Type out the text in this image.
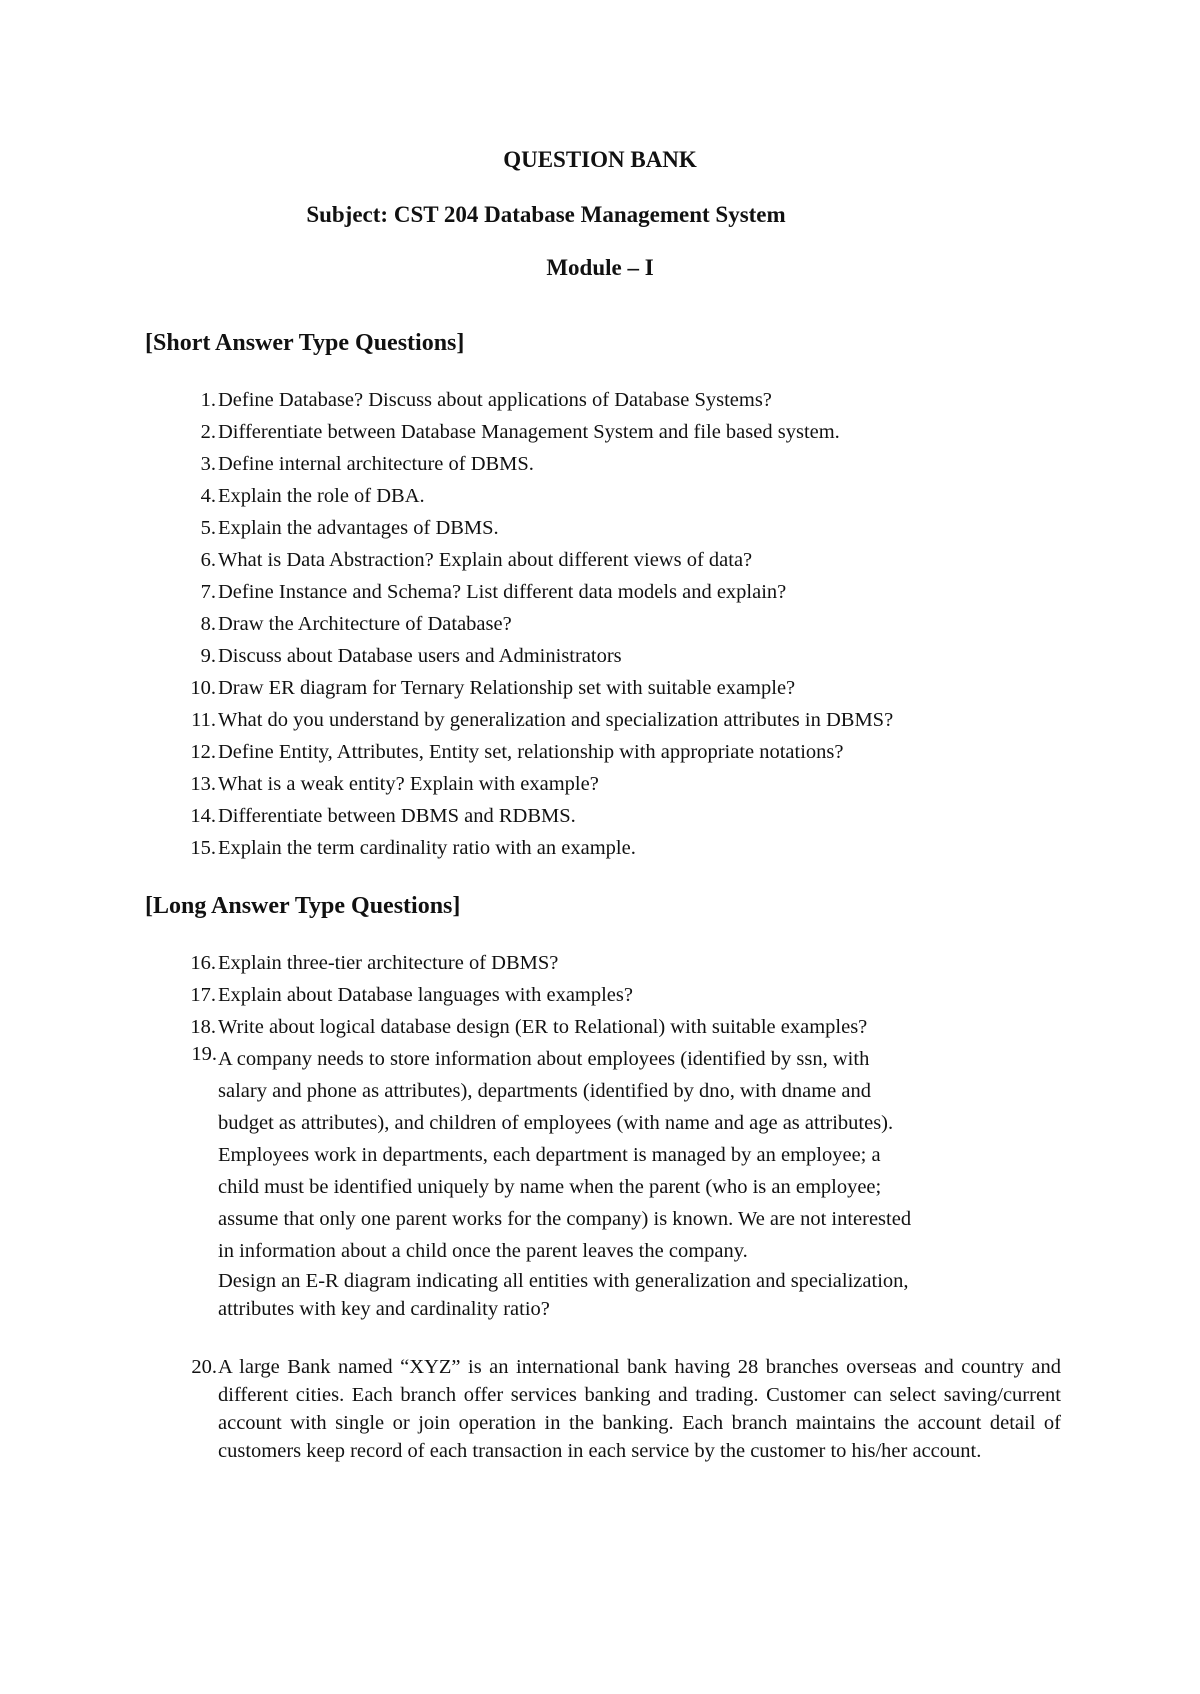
QUESTION BANK
Subject: CST 204 Database Management System
Module – I
[Short Answer Type Questions]
1. Define Database? Discuss about applications of Database Systems?
2. Differentiate between Database Management System and file based system.
3. Define internal architecture of DBMS.
4. Explain the role of DBA.
5. Explain the advantages of DBMS.
6. What is Data Abstraction? Explain about different views of data?
7. Define Instance and Schema? List different data models and explain?
8. Draw the Architecture of Database?
9. Discuss about Database users and Administrators
10. Draw ER diagram for Ternary Relationship set with suitable example?
11. What do you understand by generalization and specialization attributes in DBMS?
12. Define Entity, Attributes, Entity set, relationship with appropriate notations?
13. What is a weak entity? Explain with example?
14. Differentiate between DBMS and RDBMS.
15. Explain the term cardinality ratio with an example.
[Long Answer Type Questions]
16. Explain three-tier architecture of DBMS?
17. Explain about Database languages with examples?
18. Write about logical database design (ER to Relational) with suitable examples?
19. A company needs to store information about employees (identified by ssn, with
salary and phone as attributes), departments (identified by dno, with dname and
budget as attributes), and children of employees (with name and age as attributes).
Employees work in departments, each department is managed by an employee; a
child must be identified uniquely by name when the parent (who is an employee;
assume that only one parent works for the company) is known. We are not interested
in information about a child once the parent leaves the company.
Design an E-R diagram indicating all entities with generalization and specialization,
attributes with key and cardinality ratio?
20. A large Bank named “XYZ” is an international bank having 28 branches overseas and country and different cities. Each branch offer services banking and trading. Customer can select saving/current account with single or join operation in the banking. Each branch maintains the account detail of customers keep record of each transaction in each service by the customer to his/her account.
